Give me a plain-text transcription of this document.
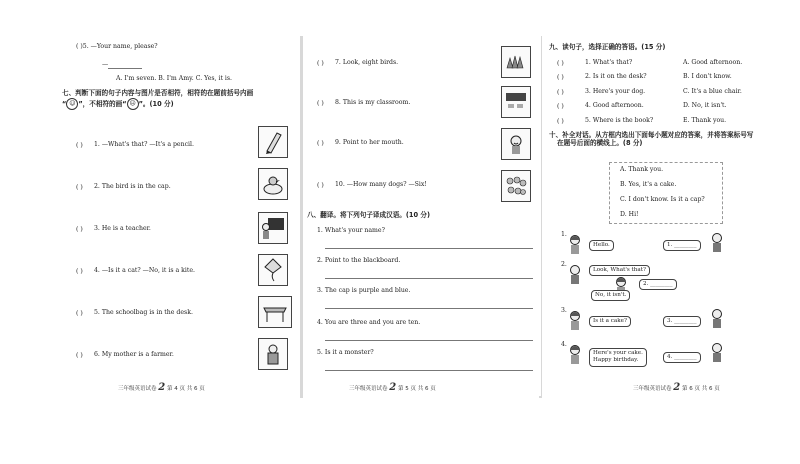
( )5. —Your name, please?
—
A. I'm seven. B. I'm Amy. C. Yes, it is.
七、判断下面的句子内容与图片是否相符，相符的在题前括号内画
“ ☺ ”，不相符的画“ ☹ ”。(10 分)
( ) 1. —What's that? —It's a pencil.
( ) 2. The bird is in the cap.
( ) 3. He is a teacher.
( ) 4. —Is it a cat? —No, it is a kite.
( ) 5. The schoolbag is in the desk.
( ) 6. My mother is a farmer.
三年级英语试卷 2 第 4 页 共 6 页
( ) 7. Look, eight birds.
( ) 8. This is my classroom.
( ) 9. Point to her mouth.
( ) 10. —How many dogs? —Six!
八、翻译。将下列句子译成汉语。(10 分)
1. What's your name?
2. Point to the blackboard.
3. The cap is purple and blue.
4. You are three and you are ten.
5. Is it a monster?
三年级英语试卷 2 第 5 页 共 6 页
九、读句子，选择正确的答语。(15 分)
( )	1. What's that?	A. Good afternoon.
( )	2. Is it on the desk?	B. I don't know.
( )	3. Here's your dog.	C. It's a blue chair.
( )	4. Good afternoon.	D. No, it isn't.
( )	5. Where is the book?	E. Thank you.
十、补全对话。从方框内选出下面每小题对应的答案，并将答案标号写
在题号后面的横线上。(8 分)
A. Thank you.
B. Yes, it's a cake.
C. I don't know. Is it a cap?
D. Hi!
1.
Hello.	1. ________
2.
Look, What's that?
2. ________
No, it isn't.
3.
Is it a cake?	3. ________
4.
Here's your cake.
Happy birthday.
4. ________
三年级英语试卷 2 第 6 页 共 6 页
